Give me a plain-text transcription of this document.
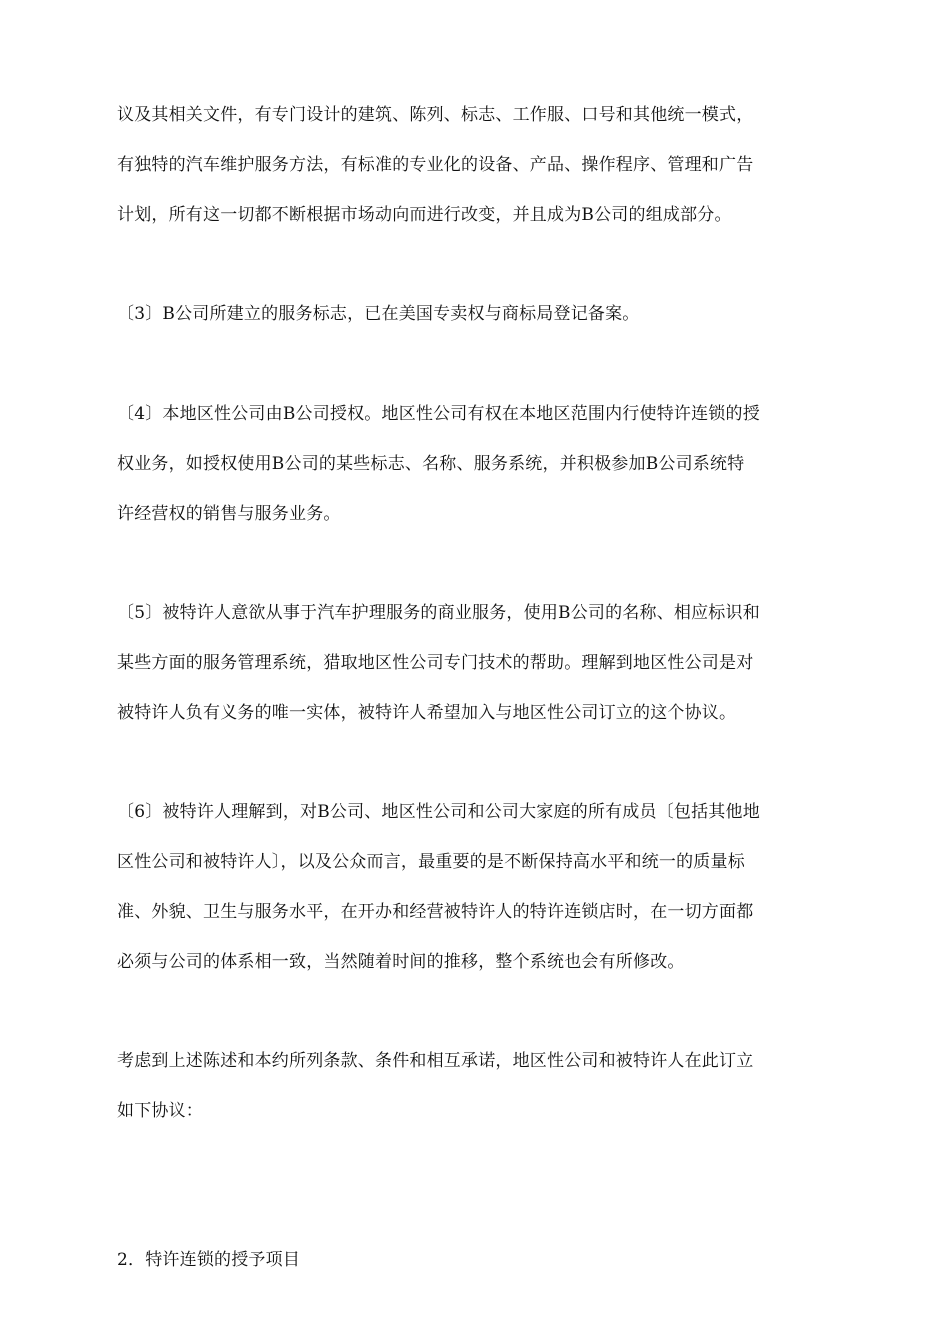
议及其相关文件，有专门设计的建筑、陈列、标志、工作服、口号和其他统一模式，
有独特的汽车维护服务方法，有标准的专业化的设备、产品、操作程序、管理和广告
计划，所有这一切都不断根据市场动向而进行改变，并且成为B公司的组成部分。
〔3〕B公司所建立的服务标志，已在美国专卖权与商标局登记备案。
〔4〕本地区性公司由B公司授权。地区性公司有权在本地区范围内行使特许连锁的授
权业务，如授权使用B公司的某些标志、名称、服务系统，并积极参加B公司系统特
许经营权的销售与服务业务。
〔5〕被特许人意欲从事于汽车护理服务的商业服务，使用B公司的名称、相应标识和
某些方面的服务管理系统，猎取地区性公司专门技术的帮助。理解到地区性公司是对
被特许人负有义务的唯一实体，被特许人希望加入与地区性公司订立的这个协议。
〔6〕被特许人理解到，对B公司、地区性公司和公司大家庭的所有成员〔包括其他地
区性公司和被特许人〕，以及公众而言，最重要的是不断保持高水平和统一的质量标
准、外貌、卫生与服务水平，在开办和经营被特许人的特许连锁店时，在一切方面都
必须与公司的体系相一致，当然随着时间的推移，整个系统也会有所修改。
考虑到上述陈述和本约所列条款、条件和相互承诺，地区性公司和被特许人在此订立
如下协议：
2．特许连锁的授予项目
